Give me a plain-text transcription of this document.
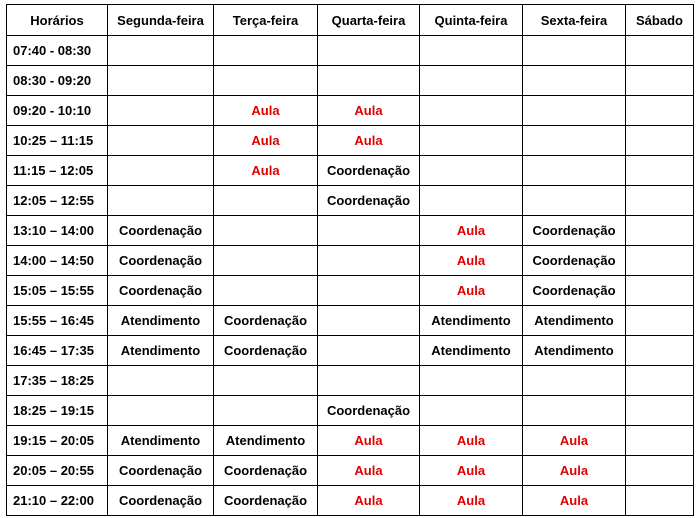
Horários	Segunda-feira	Terça-feira	Quarta-feira	Quinta-feira	Sexta-feira	Sábado
07:40 - 08:30						
08:30 - 09:20						
09:20 - 10:10		Aula	Aula			
10:25 – 11:15		Aula	Aula			
11:15 – 12:05		Aula	Coordenação			
12:05 – 12:55			Coordenação			
13:10 – 14:00	Coordenação			Aula	Coordenação	
14:00 – 14:50	Coordenação			Aula	Coordenação	
15:05 – 15:55	Coordenação			Aula	Coordenação	
15:55 – 16:45	Atendimento	Coordenação		Atendimento	Atendimento	
16:45 – 17:35	Atendimento	Coordenação		Atendimento	Atendimento	
17:35 – 18:25						
18:25 – 19:15			Coordenação			
19:15 – 20:05	Atendimento	Atendimento	Aula	Aula	Aula	
20:05 – 20:55	Coordenação	Coordenação	Aula	Aula	Aula	
21:10 – 22:00	Coordenação	Coordenação	Aula	Aula	Aula	
